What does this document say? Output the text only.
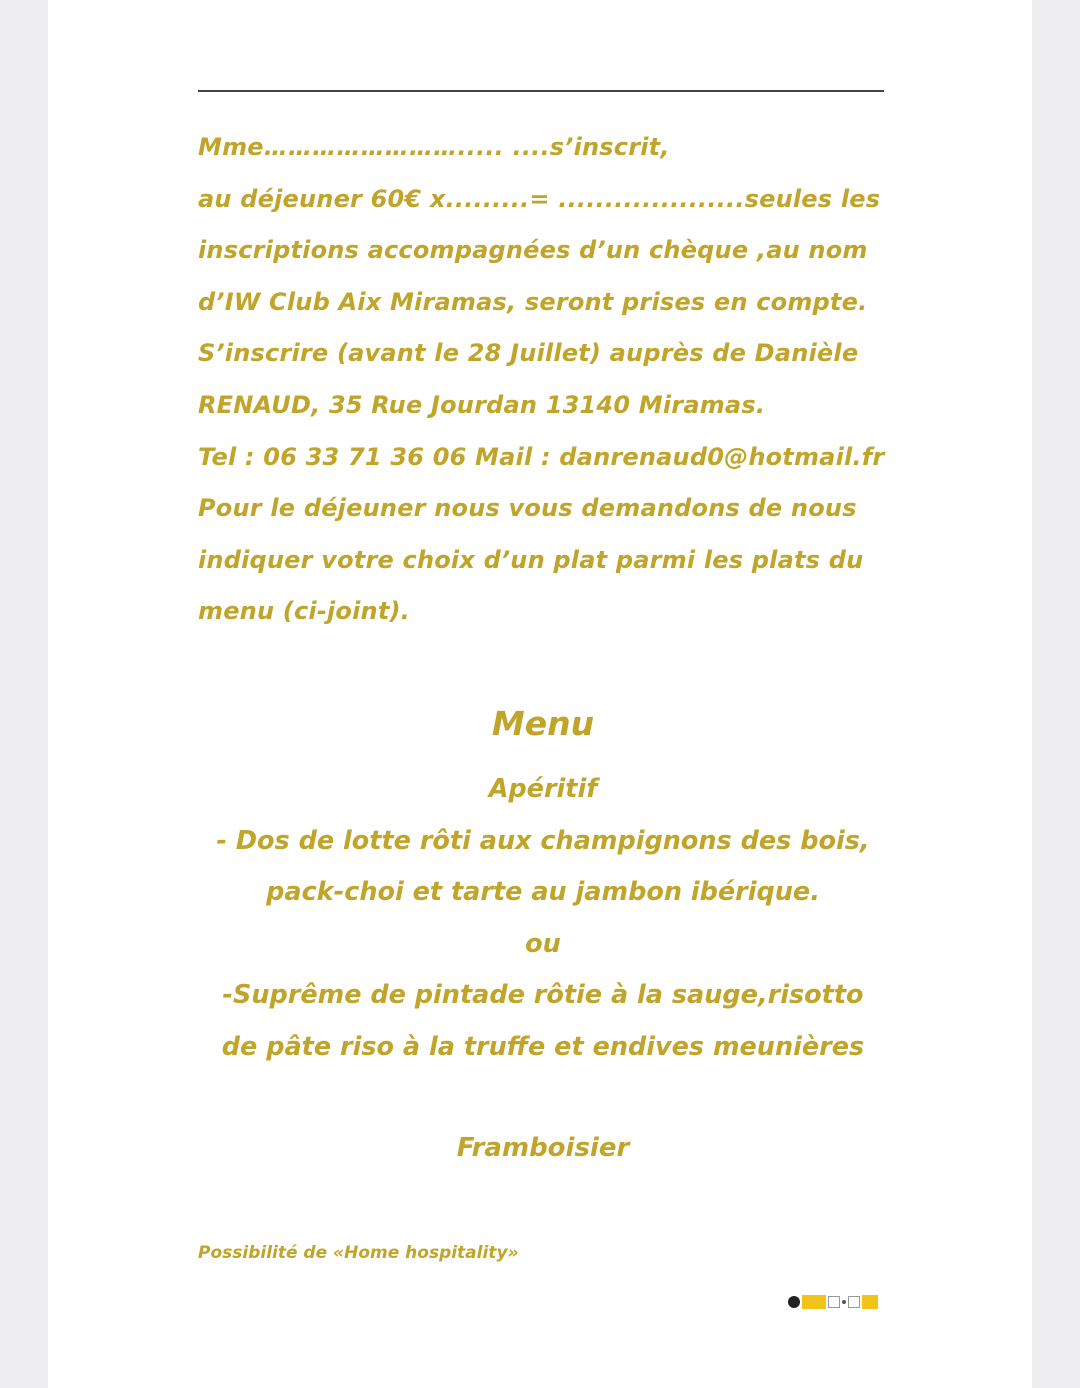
Mme……………………..... ....s’inscrit,
au déjeuner 60€ x.........= ....................seules les
inscriptions accompagnées d’un chèque ,au nom
d’IW Club Aix Miramas, seront prises en compte.
S’inscrire (avant le 28 Juillet) auprès de Danièle
RENAUD, 35 Rue Jourdan 13140 Miramas.
Tel : 06 33 71 36 06 Mail : danrenaud0@hotmail.fr
Pour le déjeuner nous vous demandons de nous
indiquer votre choix d’un plat parmi les plats du
menu (ci-joint).
Menu
Apéritif
- Dos de lotte rôti aux champignons des bois,
pack-choi et tarte au jambon ibérique.
ou
-Suprême de pintade rôtie à la sauge,risotto
de pâte riso à la truffe et endives meunières
Framboisier
Possibilité de «Home hospitality»
